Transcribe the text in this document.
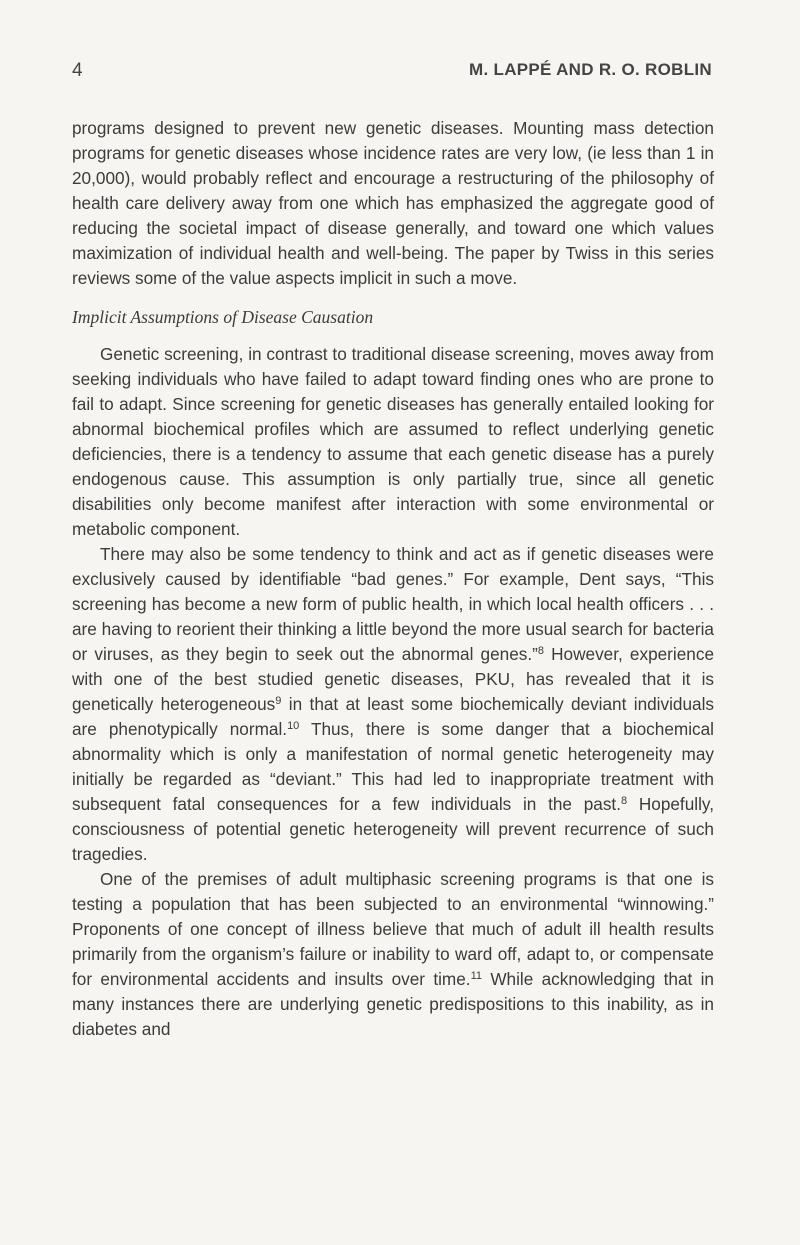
4	M. LAPPÉ AND R. O. ROBLIN

programs designed to prevent new genetic diseases. Mounting mass detection programs for genetic diseases whose incidence rates are very low, (ie less than 1 in 20,000), would probably reflect and encourage a restructuring of the philosophy of health care delivery away from one which has emphasized the aggregate good of reducing the societal impact of disease generally, and toward one which values maximization of individual health and well-being. The paper by Twiss in this series reviews some of the value aspects implicit in such a move.

Implicit Assumptions of Disease Causation

Genetic screening, in contrast to traditional disease screening, moves away from seeking individuals who have failed to adapt toward finding ones who are prone to fail to adapt. Since screening for genetic diseases has generally entailed looking for abnormal biochemical profiles which are assumed to reflect underlying genetic deficiencies, there is a tendency to assume that each genetic disease has a purely endogenous cause. This assumption is only partially true, since all genetic disabilities only become manifest after interaction with some environmental or metabolic component.

There may also be some tendency to think and act as if genetic diseases were exclusively caused by identifiable “bad genes.” For example, Dent says, “This screening has become a new form of public health, in which local health officers . . . are having to reorient their thinking a little beyond the more usual search for bacteria or viruses, as they begin to seek out the abnormal genes.”$^8$ However, experience with one of the best studied genetic diseases, PKU, has revealed that it is genetically heterogeneous$^9$ in that at least some biochemically deviant individuals are phenotypically normal.$^{10}$ Thus, there is some danger that a biochemical abnormality which is only a manifestation of normal genetic heterogeneity may initially be regarded as “deviant.” This had led to inappropriate treatment with subsequent fatal consequences for a few individuals in the past.$^8$ Hopefully, consciousness of potential genetic heterogeneity will prevent recurrence of such tragedies.

One of the premises of adult multiphasic screening programs is that one is testing a population that has been subjected to an environmental “winnowing.” Proponents of one concept of illness believe that much of adult ill health results primarily from the organism’s failure or inability to ward off, adapt to, or compensate for environmental accidents and insults over time.$^{11}$ While acknowledging that in many instances there are underlying genetic predispositions to this inability, as in diabetes and
